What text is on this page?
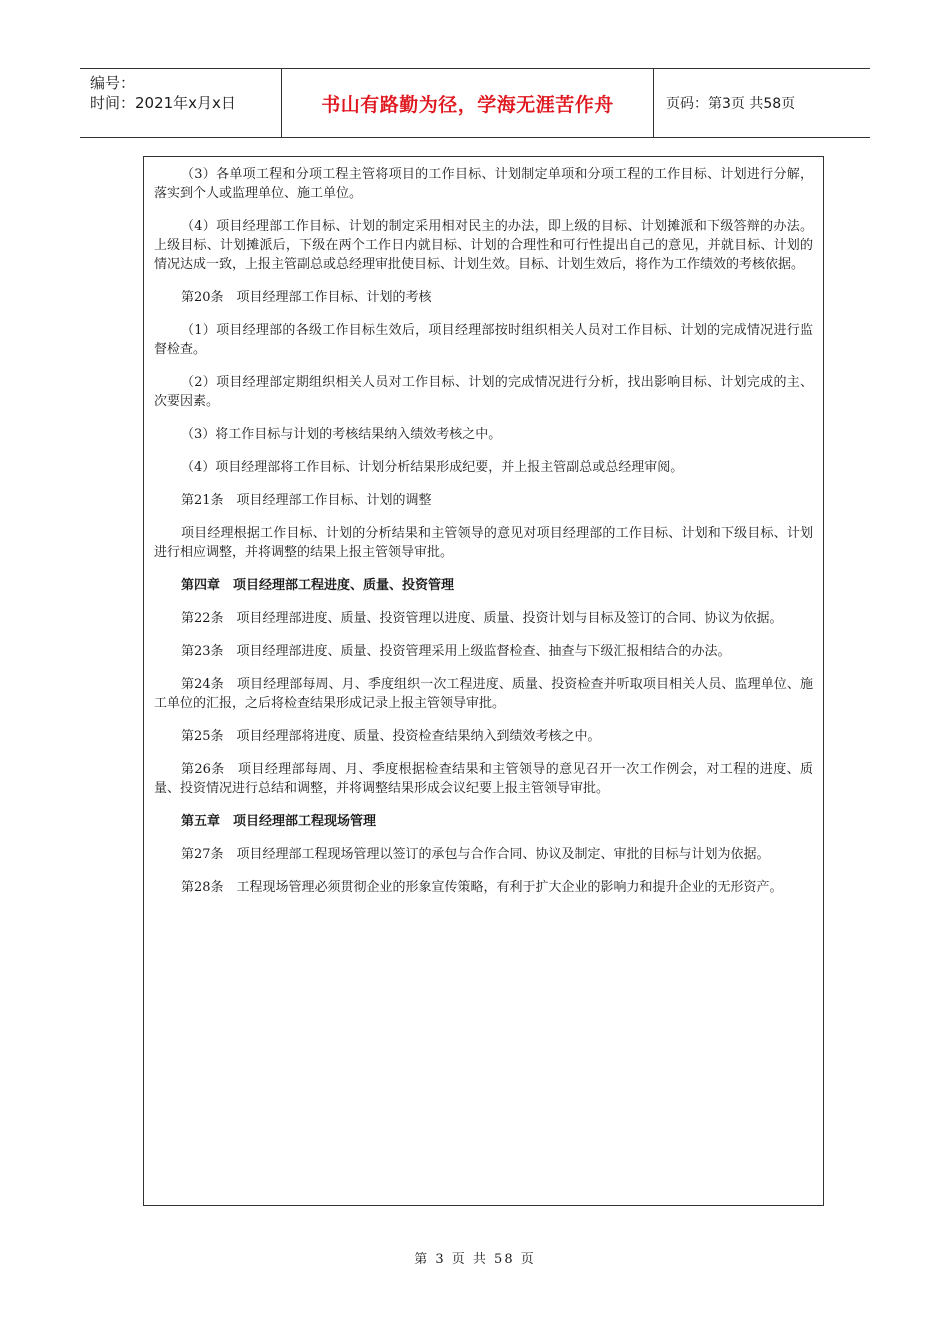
编号：
时间：2021年x月x日	书山有路勤为径，学海无涯苦作舟	页码：第3页 共58页

（3）各单项工程和分项工程主管将项目的工作目标、计划制定单项和分项工程的工作目标、计划进行分解，落实到个人或监理单位、施工单位。

（4）项目经理部工作目标、计划的制定采用相对民主的办法，即上级的目标、计划摊派和下级答辩的办法。上级目标、计划摊派后，下级在两个工作日内就目标、计划的合理性和可行性提出自己的意见，并就目标、计划的情况达成一致，上报主管副总或总经理审批使目标、计划生效。目标、计划生效后，将作为工作绩效的考核依据。

第20条　项目经理部工作目标、计划的考核

（1）项目经理部的各级工作目标生效后，项目经理部按时组织相关人员对工作目标、计划的完成情况进行监督检查。

（2）项目经理部定期组织相关人员对工作目标、计划的完成情况进行分析，找出影响目标、计划完成的主、次要因素。

（3）将工作目标与计划的考核结果纳入绩效考核之中。

（4）项目经理部将工作目标、计划分析结果形成纪要，并上报主管副总或总经理审阅。

第21条　项目经理部工作目标、计划的调整

项目经理根据工作目标、计划的分析结果和主管领导的意见对项目经理部的工作目标、计划和下级目标、计划进行相应调整，并将调整的结果上报主管领导审批。

第四章　项目经理部工程进度、质量、投资管理

第22条　项目经理部进度、质量、投资管理以进度、质量、投资计划与目标及签订的合同、协议为依据。

第23条　项目经理部进度、质量、投资管理采用上级监督检查、抽查与下级汇报相结合的办法。

第24条　项目经理部每周、月、季度组织一次工程进度、质量、投资检查并听取项目相关人员、监理单位、施工单位的汇报，之后将检查结果形成记录上报主管领导审批。

第25条　项目经理部将进度、质量、投资检查结果纳入到绩效考核之中。

第26条　项目经理部每周、月、季度根据检查结果和主管领导的意见召开一次工作例会，对工程的进度、质量、投资情况进行总结和调整，并将调整结果形成会议纪要上报主管领导审批。

第五章　项目经理部工程现场管理

第27条　项目经理部工程现场管理以签订的承包与合作合同、协议及制定、审批的目标与计划为依据。

第28条　工程现场管理必须贯彻企业的形象宣传策略，有利于扩大企业的影响力和提升企业的无形资产。

第 3 页 共 58 页
